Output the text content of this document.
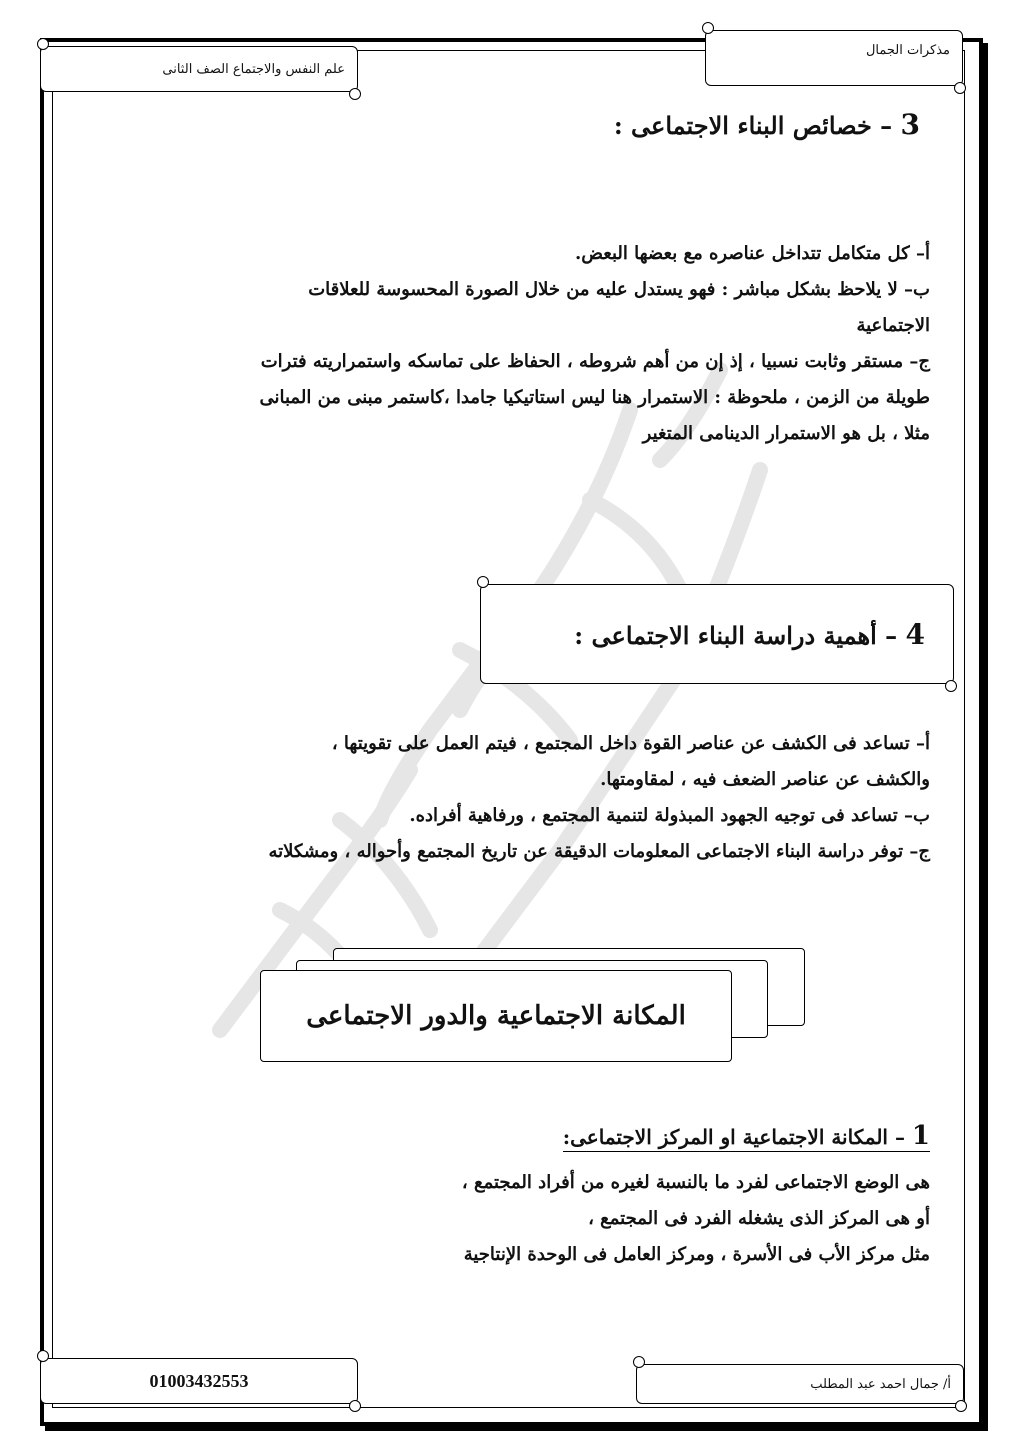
مذكرات الجمال
علم النفس والاجتماع الصف الثانى
3 – خصائص البناء الاجتماعى :

أ– كل متكامل تتداخل عناصره مع بعضها البعض.

ب– لا يلاحظ بشكل مباشر : فهو يستدل عليه من خلال الصورة المحسوسة للعلاقات

الاجتماعية

ج– مستقر وثابت نسبيا ، إذ إن من أهم شروطه ، الحفاظ على تماسكه واستمراريته فترات

طويلة من الزمن ، ملحوظة : الاستمرار هنا ليس استاتيكيا جامدا ،كاستمر مبنى من المبانى

مثلا ، بل هو الاستمرار الدينامى المتغير

4 – أهمية دراسة البناء الاجتماعى :

أ– تساعد فى الكشف عن عناصر القوة داخل المجتمع ، فيتم العمل على تقويتها ،

والكشف عن عناصر الضعف فيه ، لمقاومتها.

ب– تساعد فى توجيه الجهود المبذولة لتنمية المجتمع ، ورفاهية أفراده.

ج– توفر دراسة البناء الاجتماعى المعلومات الدقيقة عن تاريخ المجتمع وأحواله ، ومشكلاته

المكانة الاجتماعية والدور الاجتماعى

1 – المكانة الاجتماعية او المركز الاجتماعى:

هى الوضع الاجتماعى لفرد ما بالنسبة لغيره من أفراد المجتمع ،

أو هى المركز الذى يشغله الفرد فى المجتمع ،

مثل مركز الأب فى الأسرة ، ومركز العامل فى الوحدة الإنتاجية

أ/ جمال احمد عبد المطلب
01003432553
